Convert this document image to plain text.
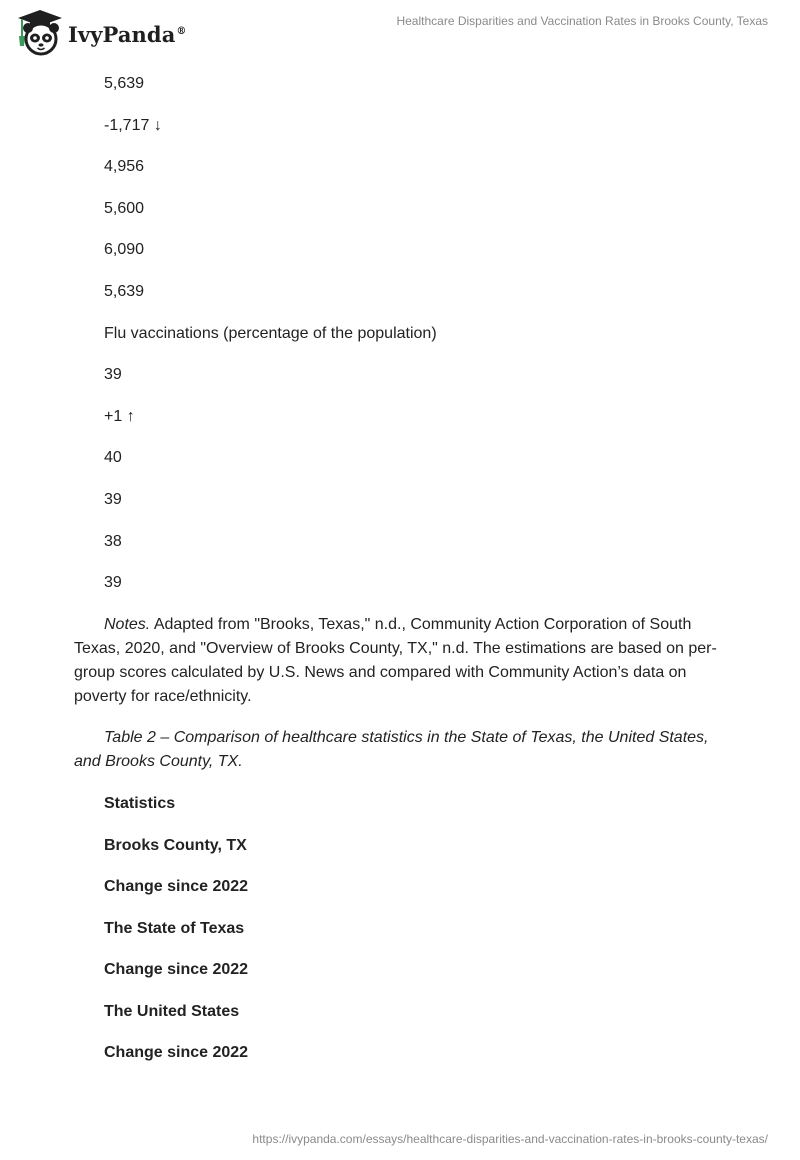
IvyPanda®
Healthcare Disparities and Vaccination Rates in Brooks County, Texas
5,639
-1,717 ↓
4,956
5,600
6,090
5,639
Flu vaccinations (percentage of the population)
39
+1 ↑
40
39
38
39

Notes. Adapted from "Brooks, Texas," n.d., Community Action Corporation of South Texas, 2020, and "Overview of Brooks County, TX," n.d. The estimations are based on per-group scores calculated by U.S. News and compared with Community Action’s data on poverty for race/ethnicity.

Table 2 – Comparison of healthcare statistics in the State of Texas, the United States, and Brooks County, TX.

Statistics
Brooks County, TX
Change since 2022
The State of Texas
Change since 2022
The United States
Change since 2022
https://ivypanda.com/essays/healthcare-disparities-and-vaccination-rates-in-brooks-county-texas/
